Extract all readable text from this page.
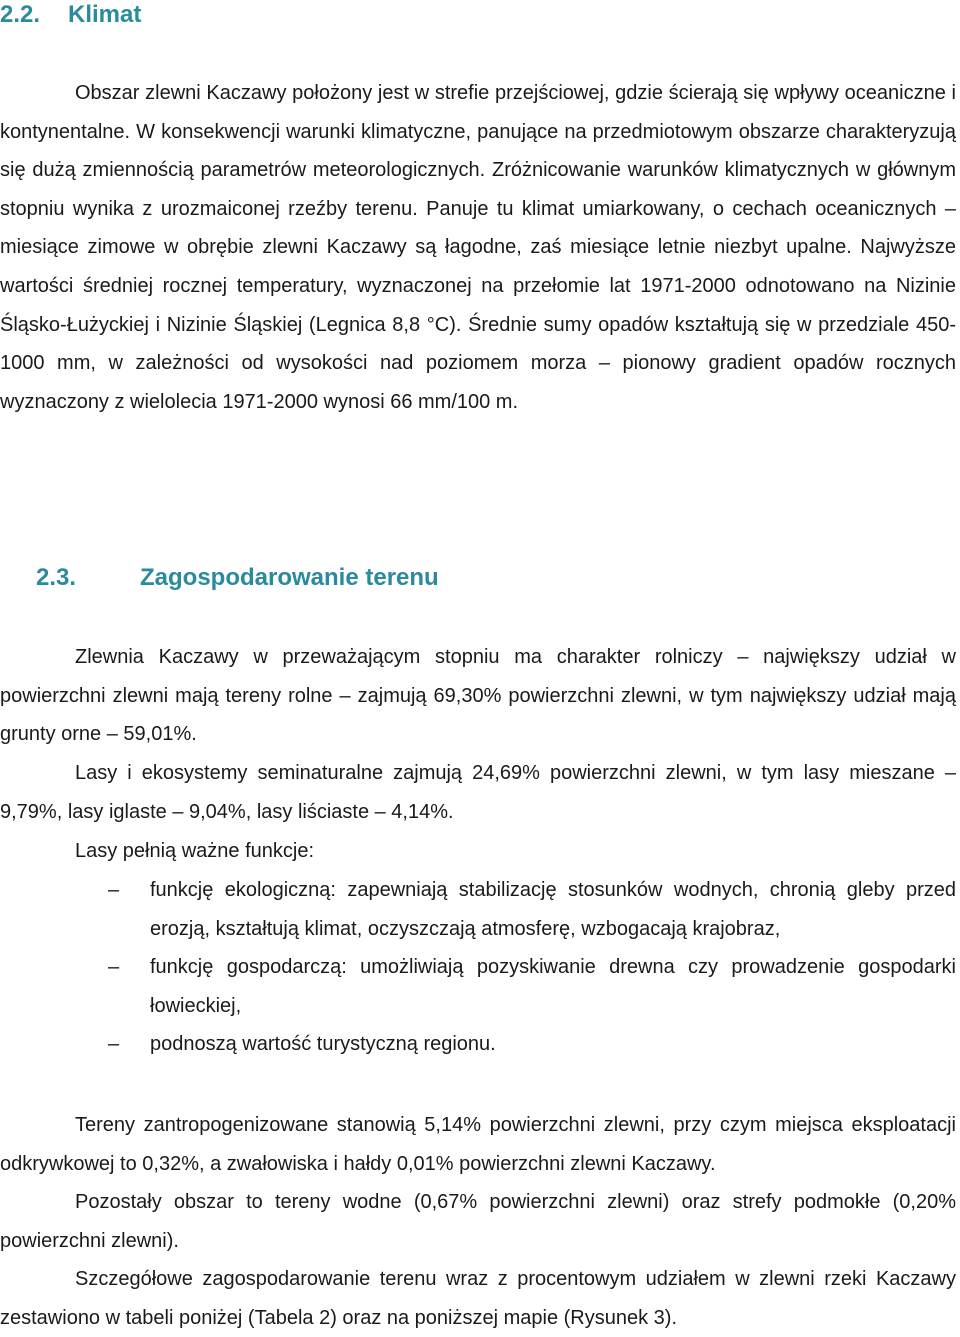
2.2. Klimat

Obszar zlewni Kaczawy położony jest w strefie przejściowej, gdzie ścierają się wpływy oceaniczne i kontynentalne. W konsekwencji warunki klimatyczne, panujące na przedmiotowym obszarze charakteryzują się dużą zmiennością parametrów meteorologicznych. Zróżnicowanie warunków klimatycznych w głównym stopniu wynika z urozmaiconej rzeźby terenu. Panuje tu klimat umiarkowany, o cechach oceanicznych – miesiące zimowe w obrębie zlewni Kaczawy są łagodne, zaś miesiące letnie niezbyt upalne. Najwyższe wartości średniej rocznej temperatury, wyznaczonej na przełomie lat 1971-2000 odnotowano na Nizinie Śląsko-Łużyckiej i Nizinie Śląskiej (Legnica 8,8 °C). Średnie sumy opadów kształtują się w przedziale 450-1000 mm, w zależności od wysokości nad poziomem morza – pionowy gradient opadów rocznych wyznaczony z wielolecia 1971-2000 wynosi 66 mm/100 m.

2.3.	Zagospodarowanie terenu

Zlewnia Kaczawy w przeważającym stopniu ma charakter rolniczy – największy udział w powierzchni zlewni mają tereny rolne – zajmują 69,30% powierzchni zlewni, w tym największy udział mają grunty orne – 59,01%.

Lasy i ekosystemy seminaturalne zajmują 24,69% powierzchni zlewni, w tym lasy mieszane – 9,79%, lasy iglaste – 9,04%, lasy liściaste – 4,14%.

Lasy pełnią ważne funkcje:

– funkcję ekologiczną: zapewniają stabilizację stosunków wodnych, chronią gleby przed erozją, kształtują klimat, oczyszczają atmosferę, wzbogacają krajobraz,
– funkcję gospodarczą: umożliwiają pozyskiwanie drewna czy prowadzenie gospodarki łowieckiej,
– podnoszą wartość turystyczną regionu.

Tereny zantropogenizowane stanowią 5,14% powierzchni zlewni, przy czym miejsca eksploatacji odkrywkowej to 0,32%, a zwałowiska i hałdy 0,01% powierzchni zlewni Kaczawy.

Pozostały obszar to tereny wodne (0,67% powierzchni zlewni) oraz strefy podmokłe (0,20% powierzchni zlewni).

Szczegółowe zagospodarowanie terenu wraz z procentowym udziałem w zlewni rzeki Kaczawy zestawiono w tabeli poniżej (Tabela 2) oraz na poniższej mapie (Rysunek 3).
